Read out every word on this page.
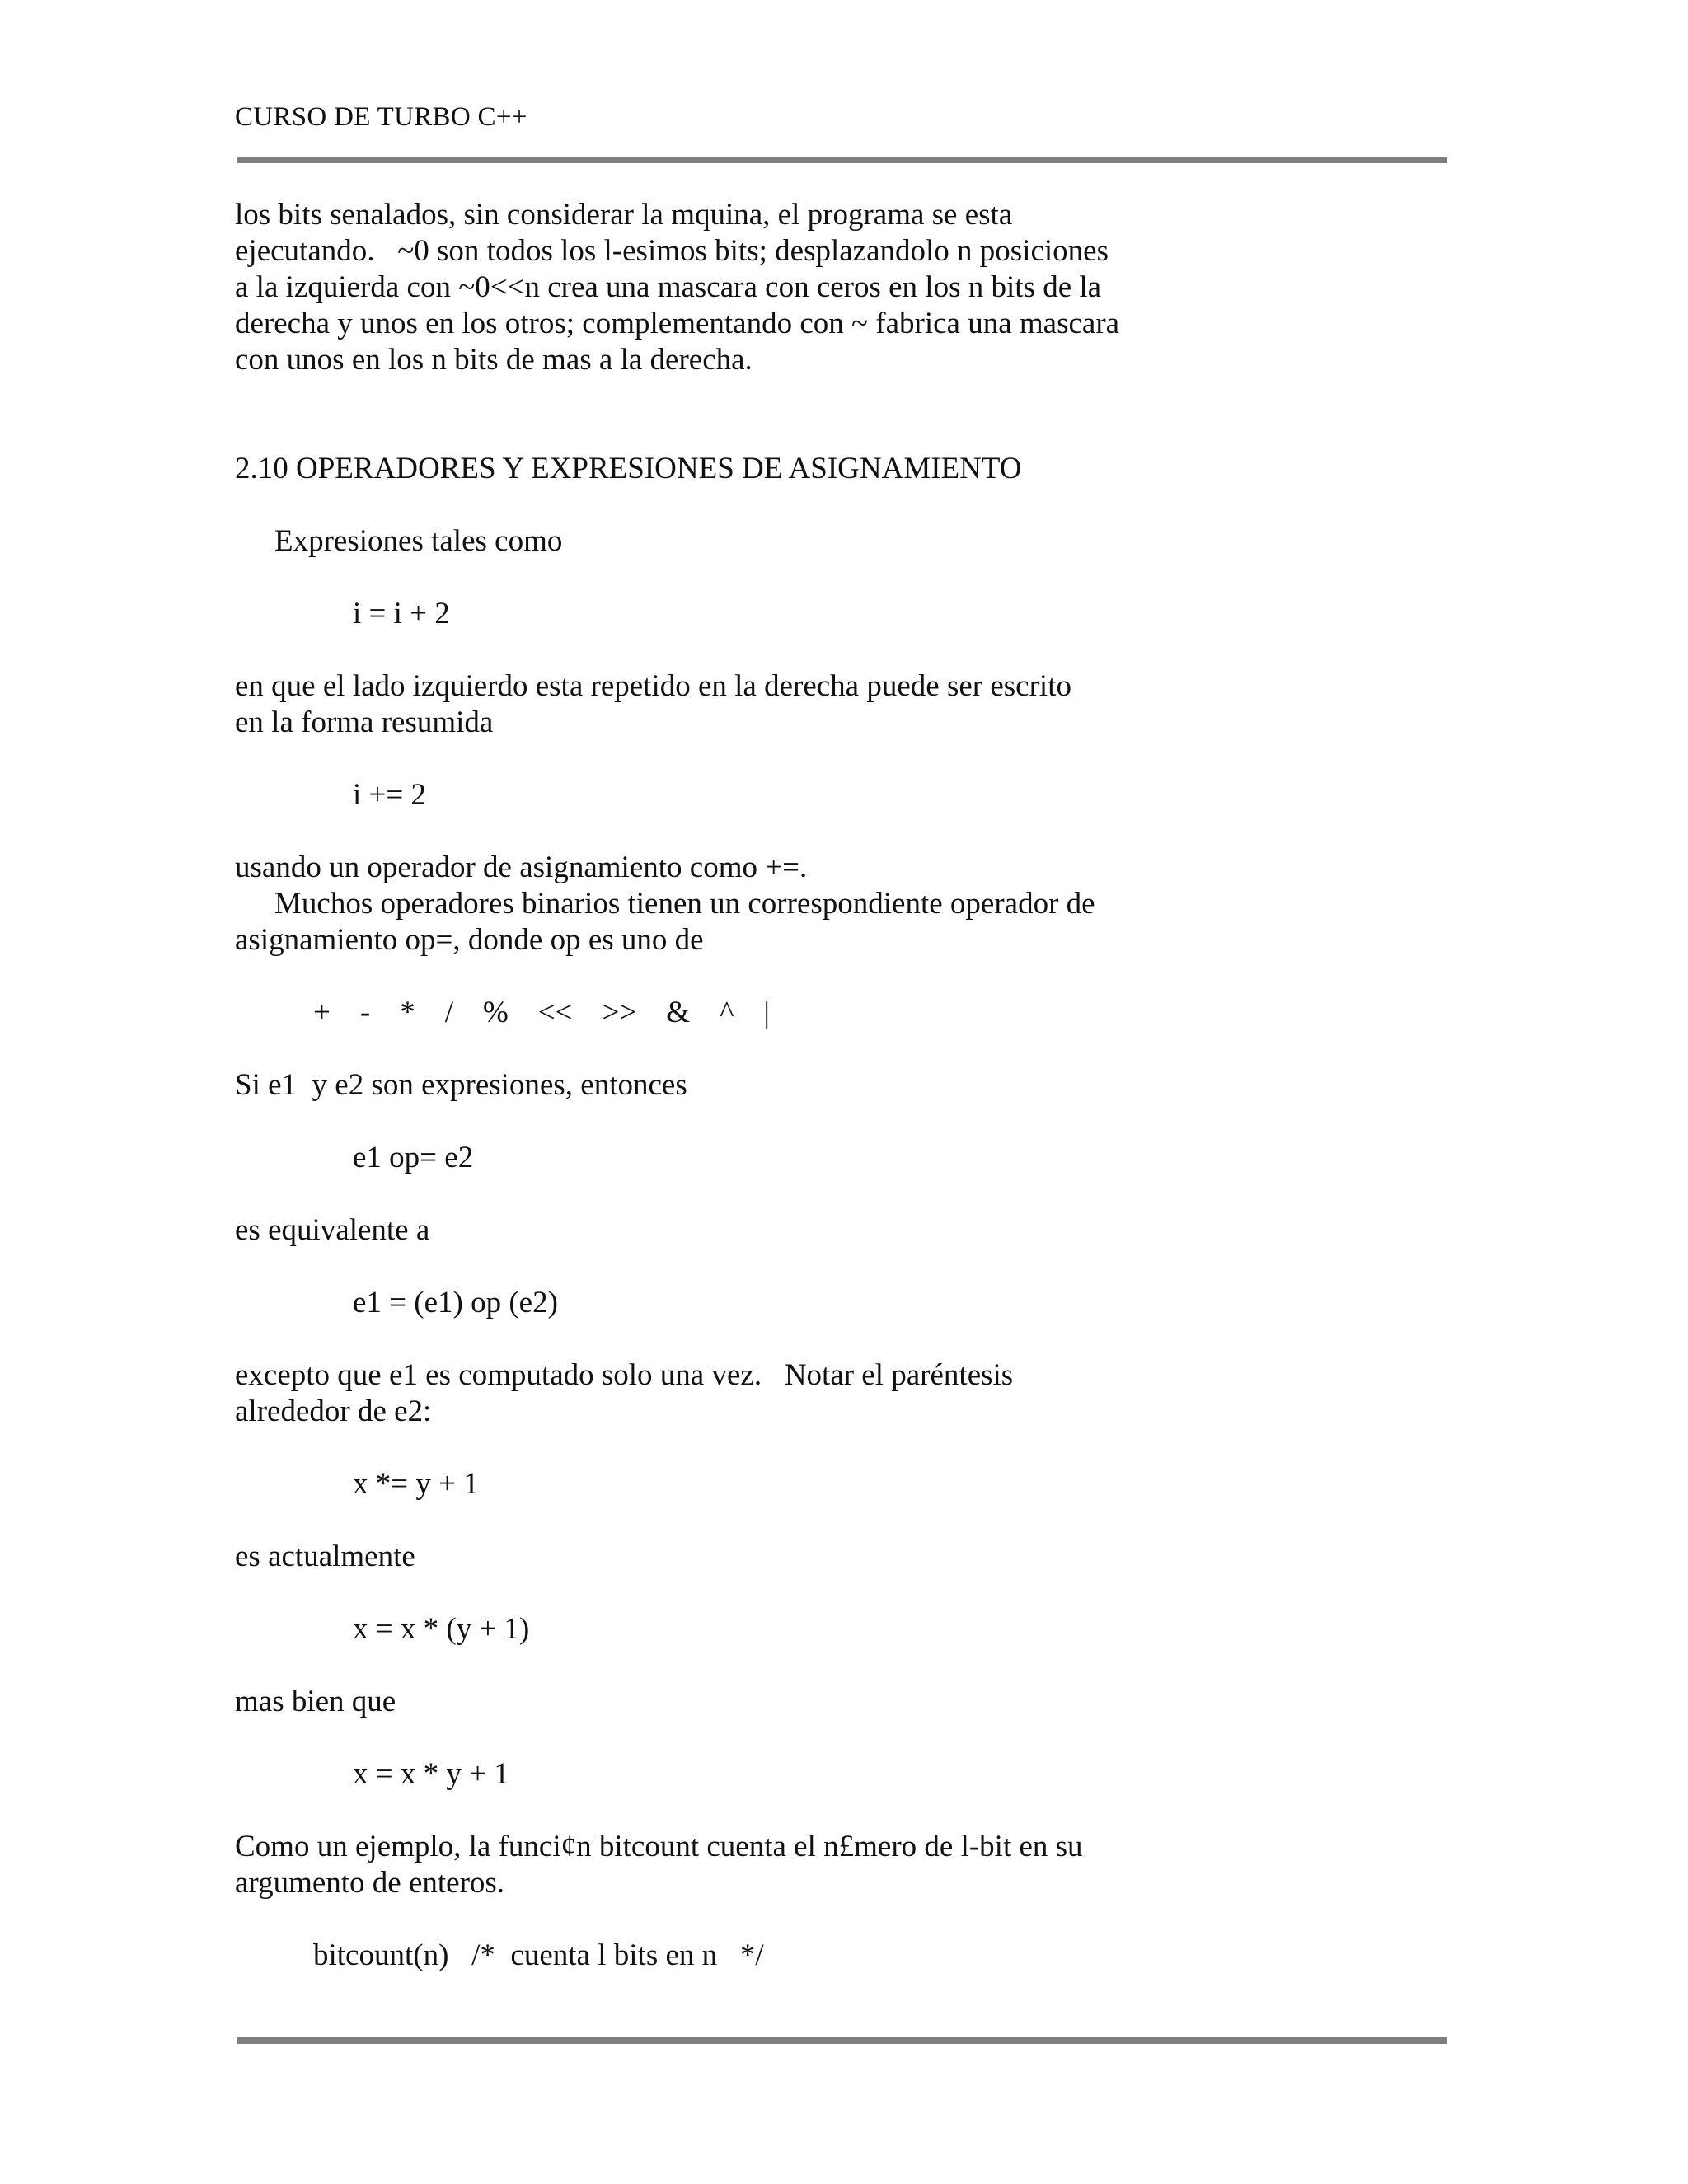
CURSO DE TURBO C++
los bits senalados, sin considerar la mquina, el programa se esta
ejecutando.   ~0 son todos los l-esimos bits; desplazandolo n posiciones
a la izquierda con ~0<<n crea una mascara con ceros en los n bits de la
derecha y unos en los otros; complementando con ~ fabrica una mascara
con unos en los n bits de mas a la derecha.
2.10 OPERADORES Y EXPRESIONES DE ASIGNAMIENTO
Expresiones tales como
i = i + 2
en que el lado izquierdo esta repetido en la derecha puede ser escrito
en la forma resumida
i += 2
usando un operador de asignamiento como +=.
Muchos operadores binarios tienen un correspondiente operador de
asignamiento op=, donde op es uno de
+ - * / % << >> & ^ |
Si e1  y e2 son expresiones, entonces
e1 op= e2
es equivalente a
e1 = (e1) op (e2)
excepto que e1 es computado solo una vez.   Notar el paréntesis
alrededor de e2:
x *= y + 1
es actualmente
x = x * (y + 1)
mas bien que
x = x * y + 1
Como un ejemplo, la funci¢n bitcount cuenta el n£mero de l-bit en su
argumento de enteros.
bitcount(n)   /*  cuenta l bits en n   */
